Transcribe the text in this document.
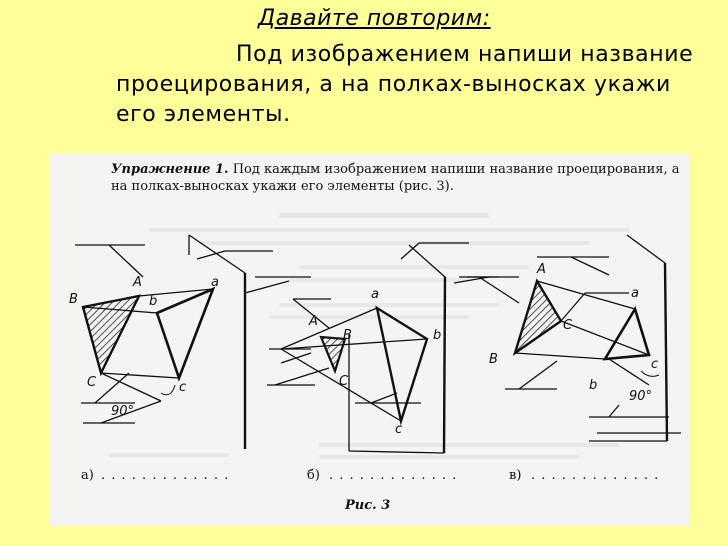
Давайте повторим:

Под изображением напиши название проецирования, а на полках-выносках укажи его элементы.

A
B
C
a
b
c
90°
A
B
C
a
b
c
A
C
B
a
b
c
90°
а) . . . . . . . . . . . . .	б) . . . . . . . . . . . . .	в) . . . . . . . . . . . . .
Рис. 3
Упражнение 1. Под каждым изображением напиши название проецирования, а на полках-выносках укажи его элементы (рис. 3).
